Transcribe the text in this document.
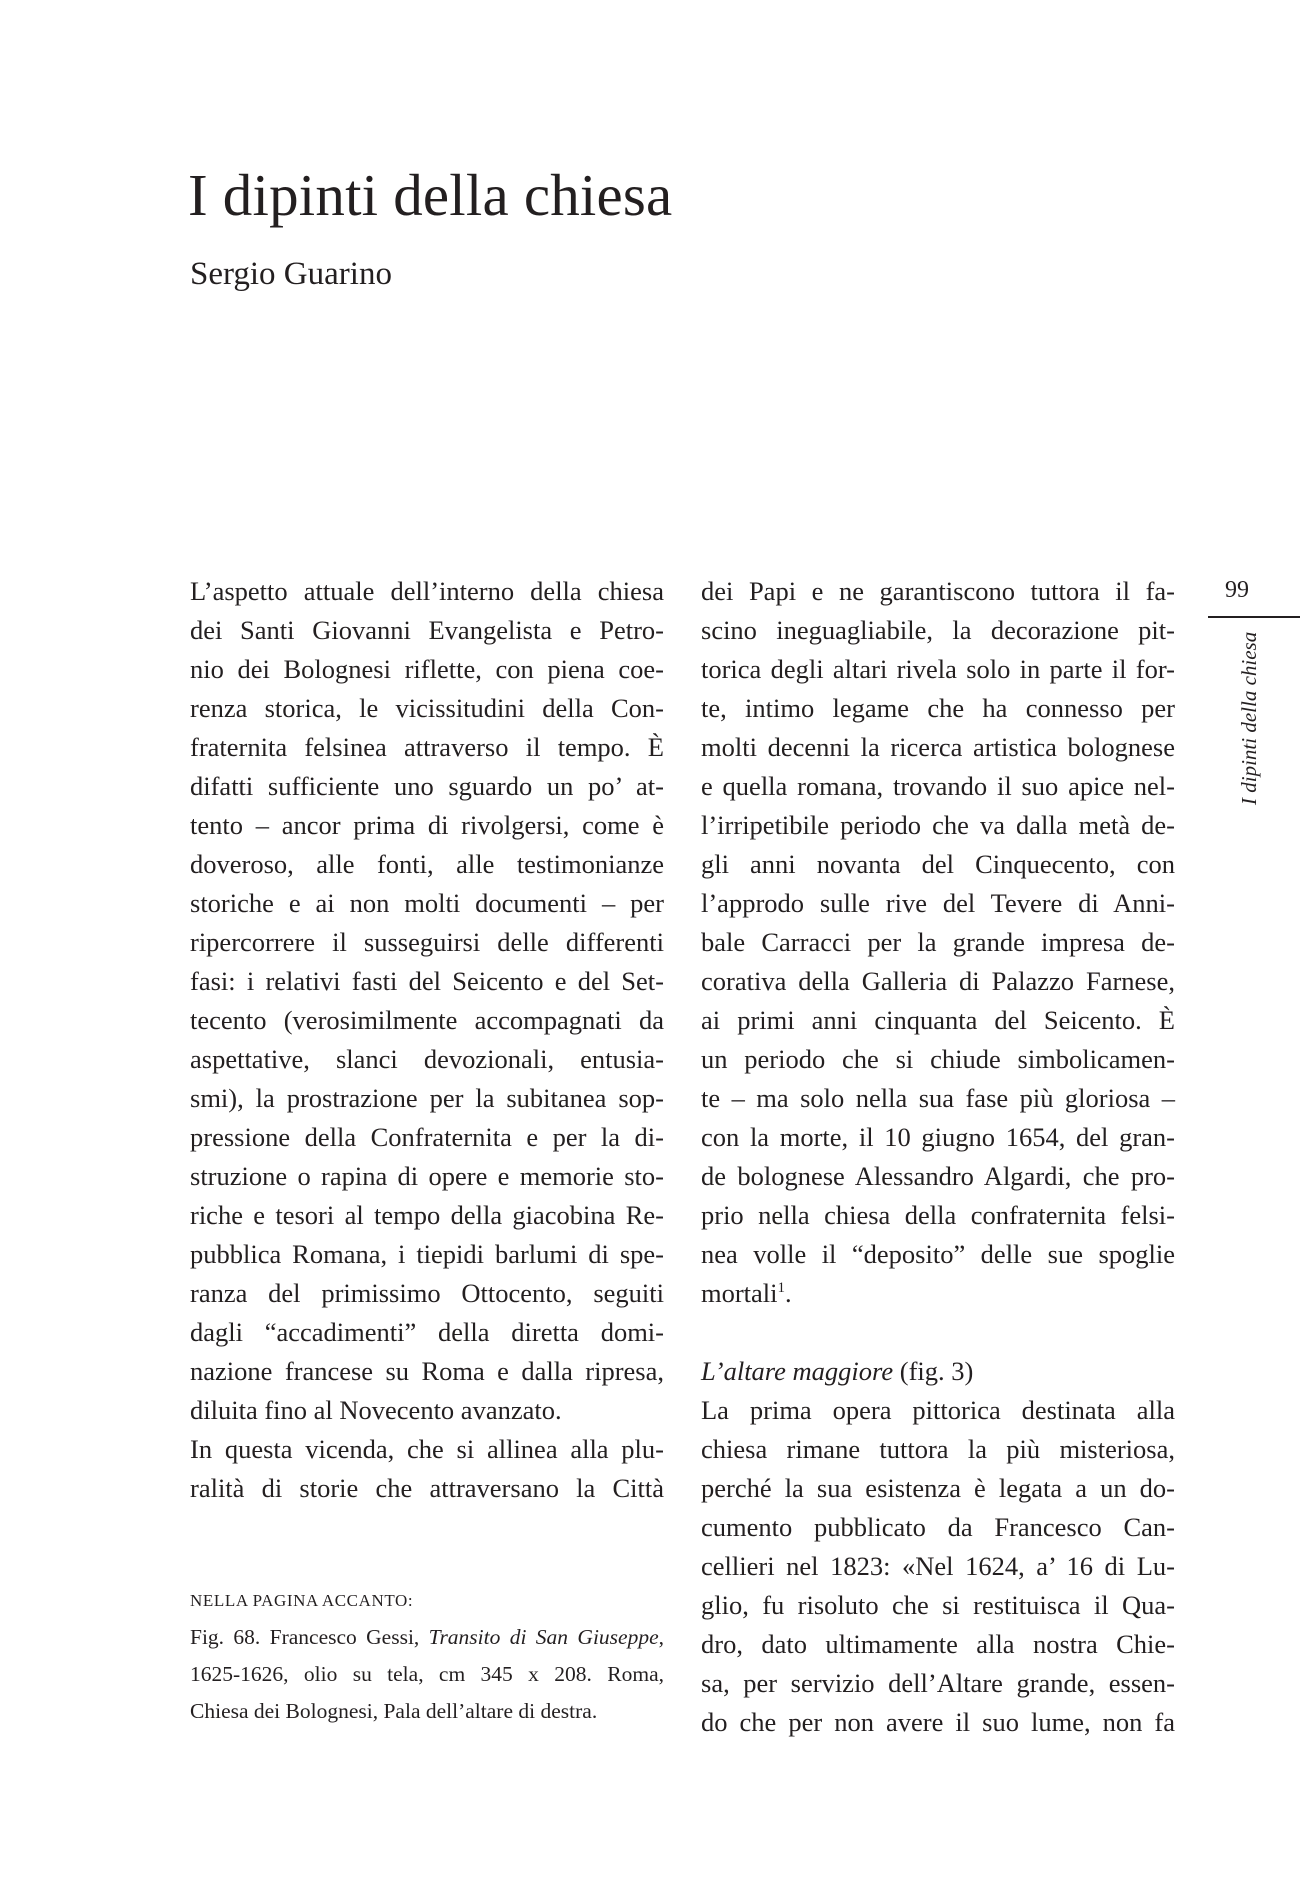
I dipinti della chiesa
Sergio Guarino
L’aspetto attuale dell’interno della chiesa
dei Santi Giovanni Evangelista e Petro-
nio dei Bolognesi riflette, con piena coe-
renza storica, le vicissitudini della Con-
fraternita felsinea attraverso il tempo. È
difatti sufficiente uno sguardo un po’ at-
tento – ancor prima di rivolgersi, come è
doveroso, alle fonti, alle testimonianze
storiche e ai non molti documenti – per
ripercorrere il susseguirsi delle differenti
fasi: i relativi fasti del Seicento e del Set-
tecento (verosimilmente accompagnati da
aspettative, slanci devozionali, entusia-
smi), la prostrazione per la subitanea sop-
pressione della Confraternita e per la di-
struzione o rapina di opere e memorie sto-
riche e tesori al tempo della giacobina Re-
pubblica Romana, i tiepidi barlumi di spe-
ranza del primissimo Ottocento, seguiti
dagli “accadimenti” della diretta domi-
nazione francese su Roma e dalla ripresa,
diluita fino al Novecento avanzato.
In questa vicenda, che si allinea alla plu-
ralità di storie che attraversano la Città
dei Papi e ne garantiscono tuttora il fa-
scino ineguagliabile, la decorazione pit-
torica degli altari rivela solo in parte il for-
te, intimo legame che ha connesso per
molti decenni la ricerca artistica bolognese
e quella romana, trovando il suo apice nel-
l’irripetibile periodo che va dalla metà de-
gli anni novanta del Cinquecento, con
l’approdo sulle rive del Tevere di Anni-
bale Carracci per la grande impresa de-
corativa della Galleria di Palazzo Farnese,
ai primi anni cinquanta del Seicento. È
un periodo che si chiude simbolicamen-
te – ma solo nella sua fase più gloriosa –
con la morte, il 10 giugno 1654, del gran-
de bolognese Alessandro Algardi, che pro-
prio nella chiesa della confraternita felsi-
nea volle il “deposito” delle sue spoglie
mortali$^1$.
L’altare maggiore (fig. 3)
La prima opera pittorica destinata alla
chiesa rimane tuttora la più misteriosa,
perché la sua esistenza è legata a un do-
cumento pubblicato da Francesco Can-
cellieri nel 1823: «Nel 1624, a’ 16 di Lu-
glio, fu risoluto che si restituisca il Qua-
dro, dato ultimamente alla nostra Chie-
sa, per servizio dell’Altare grande, essen-
do che per non avere il suo lume, non fa
NELLA PAGINA ACCANTO:
Fig. 68. Francesco Gessi, Transito di San Giuseppe,
1625-1626, olio su tela, cm 345 x 208. Roma,
Chiesa dei Bolognesi, Pala dell’altare di destra.
99
I dipinti della chiesa
